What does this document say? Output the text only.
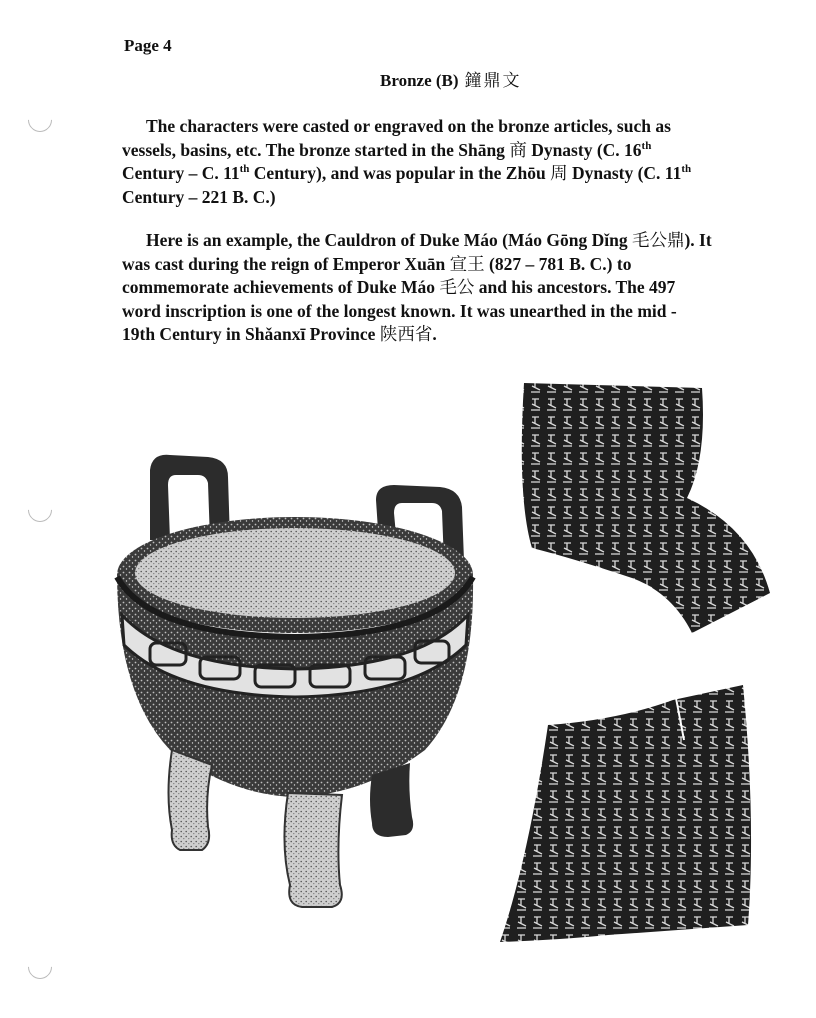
Page 4
Bronze (B) 鐘鼎文
The characters were casted or engraved on the bronze articles, such as vessels, basins, etc. The bronze started in the Shāng 商 Dynasty (C. 16th Century – C. 11th Century), and was popular in the Zhōu 周 Dynasty (C. 11th Century – 221 B. C.)
Here is an example, the Cauldron of Duke Máo (Máo Gōng Dǐng 毛公鼎). It was cast during the reign of Emperor Xuān 宣王 (827 – 781 B. C.) to commemorate achievements of Duke Máo 毛公 and his ancestors. The 497 word inscription is one of the longest known. It was unearthed in the mid - 19th Century in Shǎanxī Province 陕西省.
